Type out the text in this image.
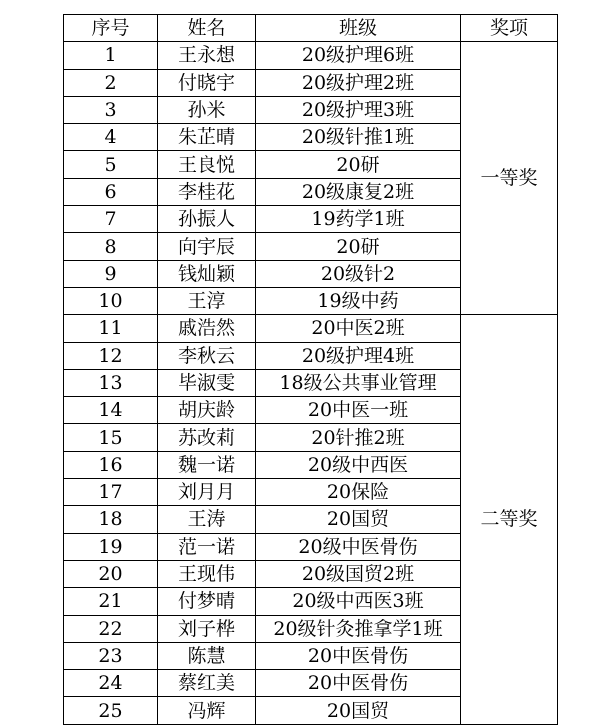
序号	姓名	班级	奖项
1	王永想	20级护理6班	一等奖
2	付晓宇	20级护理2班	
3	孙米	20级护理3班	
4	朱芷晴	20级针推1班	
5	王良悦	20研	
6	李桂花	20级康复2班	
7	孙振人	19药学1班	
8	向宇辰	20研	
9	钱灿颖	20级针2	
10	王淳	19级中药	
11	戚浩然	20中医2班	二等奖
12	李秋云	20级护理4班	
13	毕淑雯	18级公共事业管理	
14	胡庆龄	20中医一班	
15	苏改莉	20针推2班	
16	魏一诺	20级中西医	
17	刘月月	20保险	
18	王涛	20国贸	
19	范一诺	20级中医骨伤	
20	王现伟	20级国贸2班	
21	付梦晴	20级中西医3班	
22	刘子桦	20级针灸推拿学1班	
23	陈慧	20中医骨伤	
24	蔡红美	20中医骨伤	
25	冯辉	20国贸	
